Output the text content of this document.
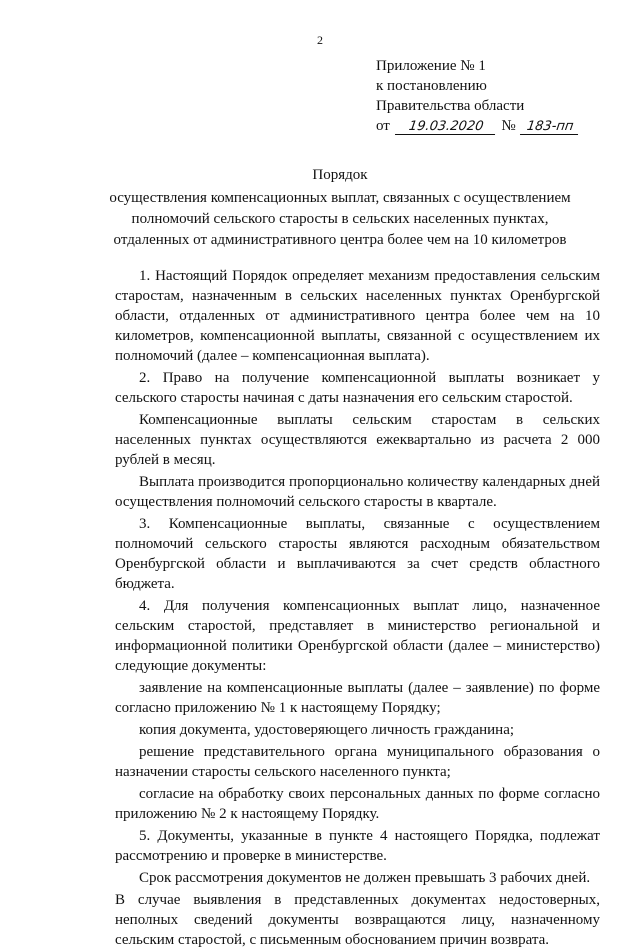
2
Приложение № 1
к постановлению
Правительства области
от 19.03.2020 № 183-пп
Порядок
осуществления компенсационных выплат, связанных с осуществлением
полномочий сельского старосты в сельских населенных пунктах,
отдаленных от административного центра более чем на 10 километров

1. Настоящий Порядок определяет механизм предоставления сельским старостам, назначенным в сельских населенных пунктах Оренбургской области, отдаленных от административного центра более чем на 10 километров, компенсационной выплаты, связанной с осуществлением их полномочий (далее – компенсационная выплата).

2. Право на получение компенсационной выплаты возникает у сельского старосты начиная с даты назначения его сельским старостой.

Компенсационные выплаты сельским старостам в сельских населенных пунктах осуществляются ежеквартально из расчета 2 000 рублей в месяц.

Выплата производится пропорционально количеству календарных дней осуществления полномочий сельского старосты в квартале.

3. Компенсационные выплаты, связанные с осуществлением полномочий сельского старосты являются расходным обязательством Оренбургской области и выплачиваются за счет средств областного бюджета.

4. Для получения компенсационных выплат лицо, назначенное сельским старостой, представляет в министерство региональной и информационной политики Оренбургской области (далее – министерство) следующие документы:

заявление на компенсационные выплаты (далее – заявление) по форме согласно приложению № 1 к настоящему Порядку;

копия документа, удостоверяющего личность гражданина;

решение представительного органа муниципального образования о назначении старосты сельского населенного пункта;

согласие на обработку своих персональных данных по форме согласно приложению № 2 к настоящему Порядку.

5. Документы, указанные в пункте 4 настоящего Порядка, подлежат рассмотрению и проверке в министерстве.

Срок рассмотрения документов не должен превышать 3 рабочих дней.

В случае выявления в представленных документах недостоверных, неполных сведений документы возвращаются лицу, назначенному сельским старостой, с письменным обоснованием причин возврата.
